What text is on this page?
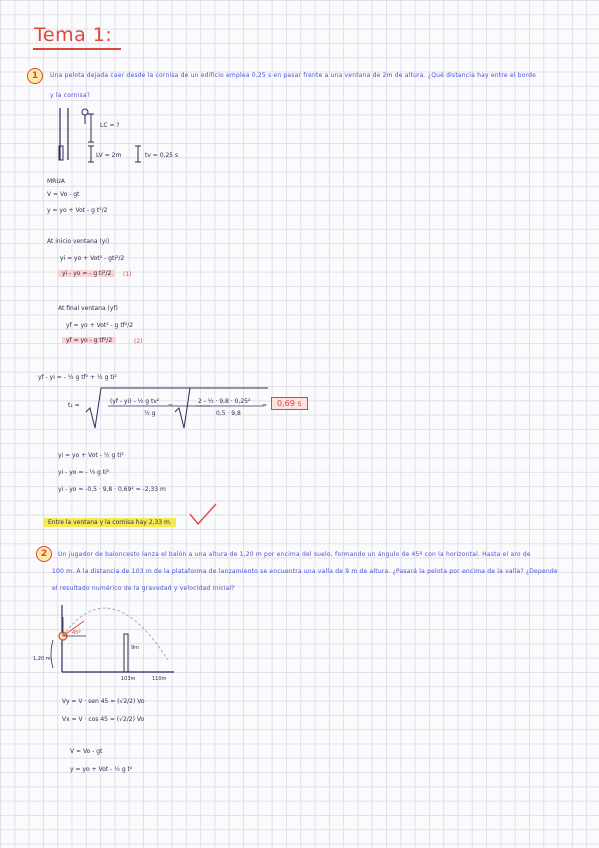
Tema 1:
1	Una pelota dejada caer desde la cornisa de un edificio emplea 0,25 s en pasar frente a una ventana de 2m de altura. ¿Qué distancia hay entre el borde
y la cornisa?
LC = ?
LV = 2m	tv = 0,25 s
MRUA
V = Vo - gt
y = yo + Vot - g t²/2
At inicio ventana (yi)
yi = yo + Vot² - gti²/2
yi - yo = - g ti²/2	(1)
At final ventana (yf)
yf = yo + Vot² - g tf²/2
yf = yo - g tf²/2	(2)
yf - yi = - ½ g tf² + ½ g ti²
t₁ =
(yf - yi) - ½ g tv²
½ g
=
2 - ½ · 9,8 · 0,25²
0,5 · 9,8
=	0,69 s
yi = yo + Vot - ½ g ti²
yi - yo = - ½ g ti²
yi - yo = -0,5 · 9,8 · 0,69² = -2,33 m
Entre la ventana y la cornisa hay 2,33 m.
2	Un jugador de baloncesto lanza el balón a una altura de 1,20 m por encima del suelo, formando un ángulo de 45º con la horizontal. Hasta el aro de
100 m. A la distancia de 103 m de la plataforma de lanzamiento se encuentra una valla de 9 m de altura. ¿Pasará la pelota por encima de la valla? ¿Depende
el resultado numérico de la gravedad y velocidad inicial?
45º
1,20 m
9m
103m	110m
Vy = V · sen 45 = (√2/2) Vo
Vx = V · cos 45 = (√2/2) Vo
V = Vo - gt
y = yo + Vot - ½ g t²
